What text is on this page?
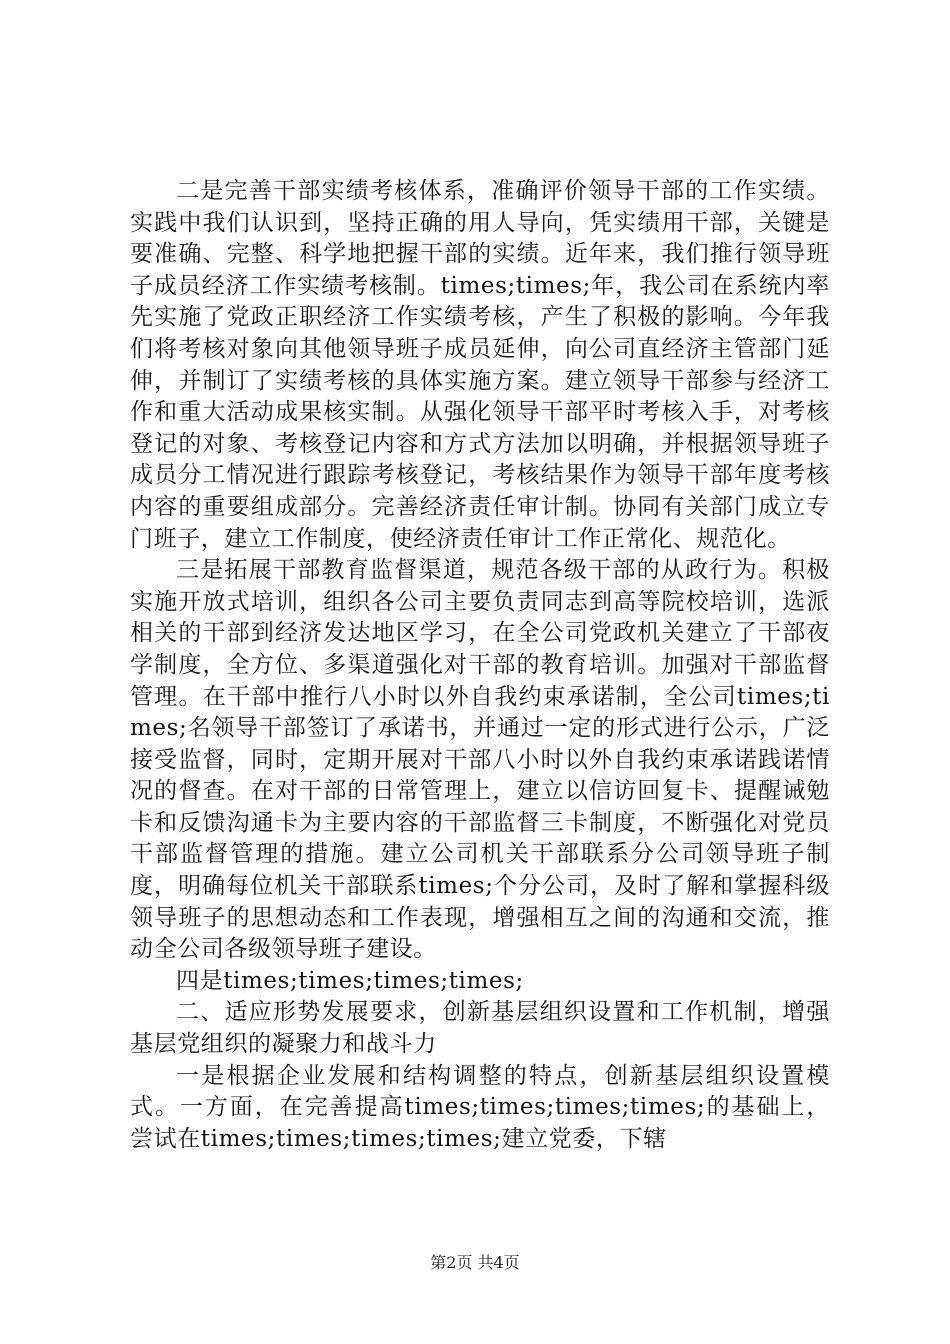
二是完善干部实绩考核体系，准确评价领导干部的工作实绩。实践中我们认识到，坚持正确的用人导向，凭实绩用干部，关键是要准确、完整、科学地把握干部的实绩。近年来，我们推行领导班子成员经济工作实绩考核制。times;times;年，我公司在系统内率先实施了党政正职经济工作实绩考核，产生了积极的影响。今年我们将考核对象向其他领导班子成员延伸，向公司直经济主管部门延伸，并制订了实绩考核的具体实施方案。建立领导干部参与经济工作和重大活动成果核实制。从强化领导干部平时考核入手，对考核登记的对象、考核登记内容和方式方法加以明确，并根据领导班子成员分工情况进行跟踪考核登记，考核结果作为领导干部年度考核内容的重要组成部分。完善经济责任审计制。协同有关部门成立专门班子，建立工作制度，使经济责任审计工作正常化、规范化。

三是拓展干部教育监督渠道，规范各级干部的从政行为。积极实施开放式培训，组织各公司主要负责同志到高等院校培训，选派相关的干部到经济发达地区学习，在全公司党政机关建立了干部夜学制度，全方位、多渠道强化对干部的教育培训。加强对干部监督管理。在干部中推行八小时以外自我约束承诺制，全公司times;times;名领导干部签订了承诺书，并通过一定的形式进行公示，广泛接受监督，同时，定期开展对干部八小时以外自我约束承诺践诺情况的督查。在对干部的日常管理上，建立以信访回复卡、提醒诫勉卡和反馈沟通卡为主要内容的干部监督三卡制度，不断强化对党员干部监督管理的措施。建立公司机关干部联系分公司领导班子制度，明确每位机关干部联系times;个分公司，及时了解和掌握科级领导班子的思想动态和工作表现，增强相互之间的沟通和交流，推动全公司各级领导班子建设。

四是times;times;times;times;

二、适应形势发展要求，创新基层组织设置和工作机制，增强基层党组织的凝聚力和战斗力

一是根据企业发展和结构调整的特点，创新基层组织设置模式。一方面，在完善提高times;times;times;times;的基础上，尝试在times;times;times;times;建立党委，下辖

第2页 共4页
